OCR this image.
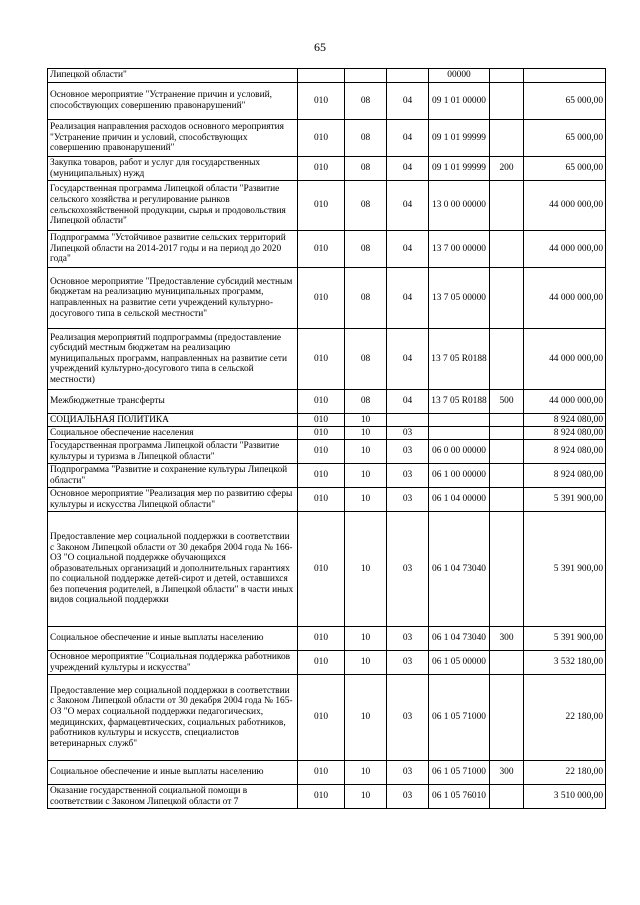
65
Липецкой области"				00000		
Основное мероприятие "Устранение причин и условий, способствующих совершению правонарушений"	010	08	04	09 1 01 00000		65 000,00
Реализация направления расходов основного мероприятия "Устранение причин и условий, способствующих совершению правонарушений"	010	08	04	09 1 01 99999		65 000,00
Закупка товаров, работ и услуг для государственных (муниципальных) нужд	010	08	04	09 1 01 99999	200	65 000,00
Государственная программа Липецкой области "Развитие сельского хозяйства и регулирование рынков сельскохозяйственной продукции, сырья и продовольствия Липецкой области"	010	08	04	13 0 00 00000		44 000 000,00
Подпрограмма "Устойчивое развитие сельских территорий Липецкой области на 2014-2017 годы и на период до 2020 года"	010	08	04	13 7 00 00000		44 000 000,00
Основное мероприятие "Предоставление субсидий местным бюджетам на реализацию муниципальных программ, направленных на развитие сети учреждений культурно-досугового типа в сельской местности"	010	08	04	13 7 05 00000		44 000 000,00
Реализация мероприятий подпрограммы (предоставление субсидий местным бюджетам на реализацию муниципальных программ, направленных на развитие сети учреждений культурно-досугового типа в сельской местности)	010	08	04	13 7 05 R0188		44 000 000,00
Межбюджетные трансферты	010	08	04	13 7 05 R0188	500	44 000 000,00
СОЦИАЛЬНАЯ ПОЛИТИКА	010	10				8 924 080,00
Социальное обеспечение населения	010	10	03			8 924 080,00
Государственная программа Липецкой области "Развитие культуры и туризма в Липецкой области"	010	10	03	06 0 00 00000		8 924 080,00
Подпрограмма "Развитие и сохранение культуры Липецкой области"	010	10	03	06 1 00 00000		8 924 080,00
Основное мероприятие "Реализация мер по развитию сферы культуры и искусства Липецкой области"	010	10	03	06 1 04 00000		5 391 900,00
Предоставление мер социальной поддержки в соответствии с Законом Липецкой области от 30 декабря 2004 года № 166-ОЗ "О социальной поддержке обучающихся образовательных организаций и дополнительных гарантиях по социальной поддержке детей-сирот и детей, оставшихся без попечения родителей, в Липецкой области" в части иных видов социальной поддержки	010	10	03	06 1 04 73040		5 391 900,00
Социальное обеспечение и иные выплаты населению	010	10	03	06 1 04 73040	300	5 391 900,00
Основное мероприятие "Социальная поддержка работников учреждений культуры и искусства"	010	10	03	06 1 05 00000		3 532 180,00
Предоставление мер социальной поддержки в соответствии с Законом Липецкой области от 30 декабря 2004 года № 165-ОЗ "О мерах социальной поддержки педагогических, медицинских, фармацевтических, социальных работников, работников культуры и искусств, специалистов ветеринарных служб"	010	10	03	06 1 05 71000		22 180,00
Социальное обеспечение и иные выплаты населению	010	10	03	06 1 05 71000	300	22 180,00
Оказание государственной социальной помощи в соответствии с Законом Липецкой области от 7	010	10	03	06 1 05 76010		3 510 000,00
